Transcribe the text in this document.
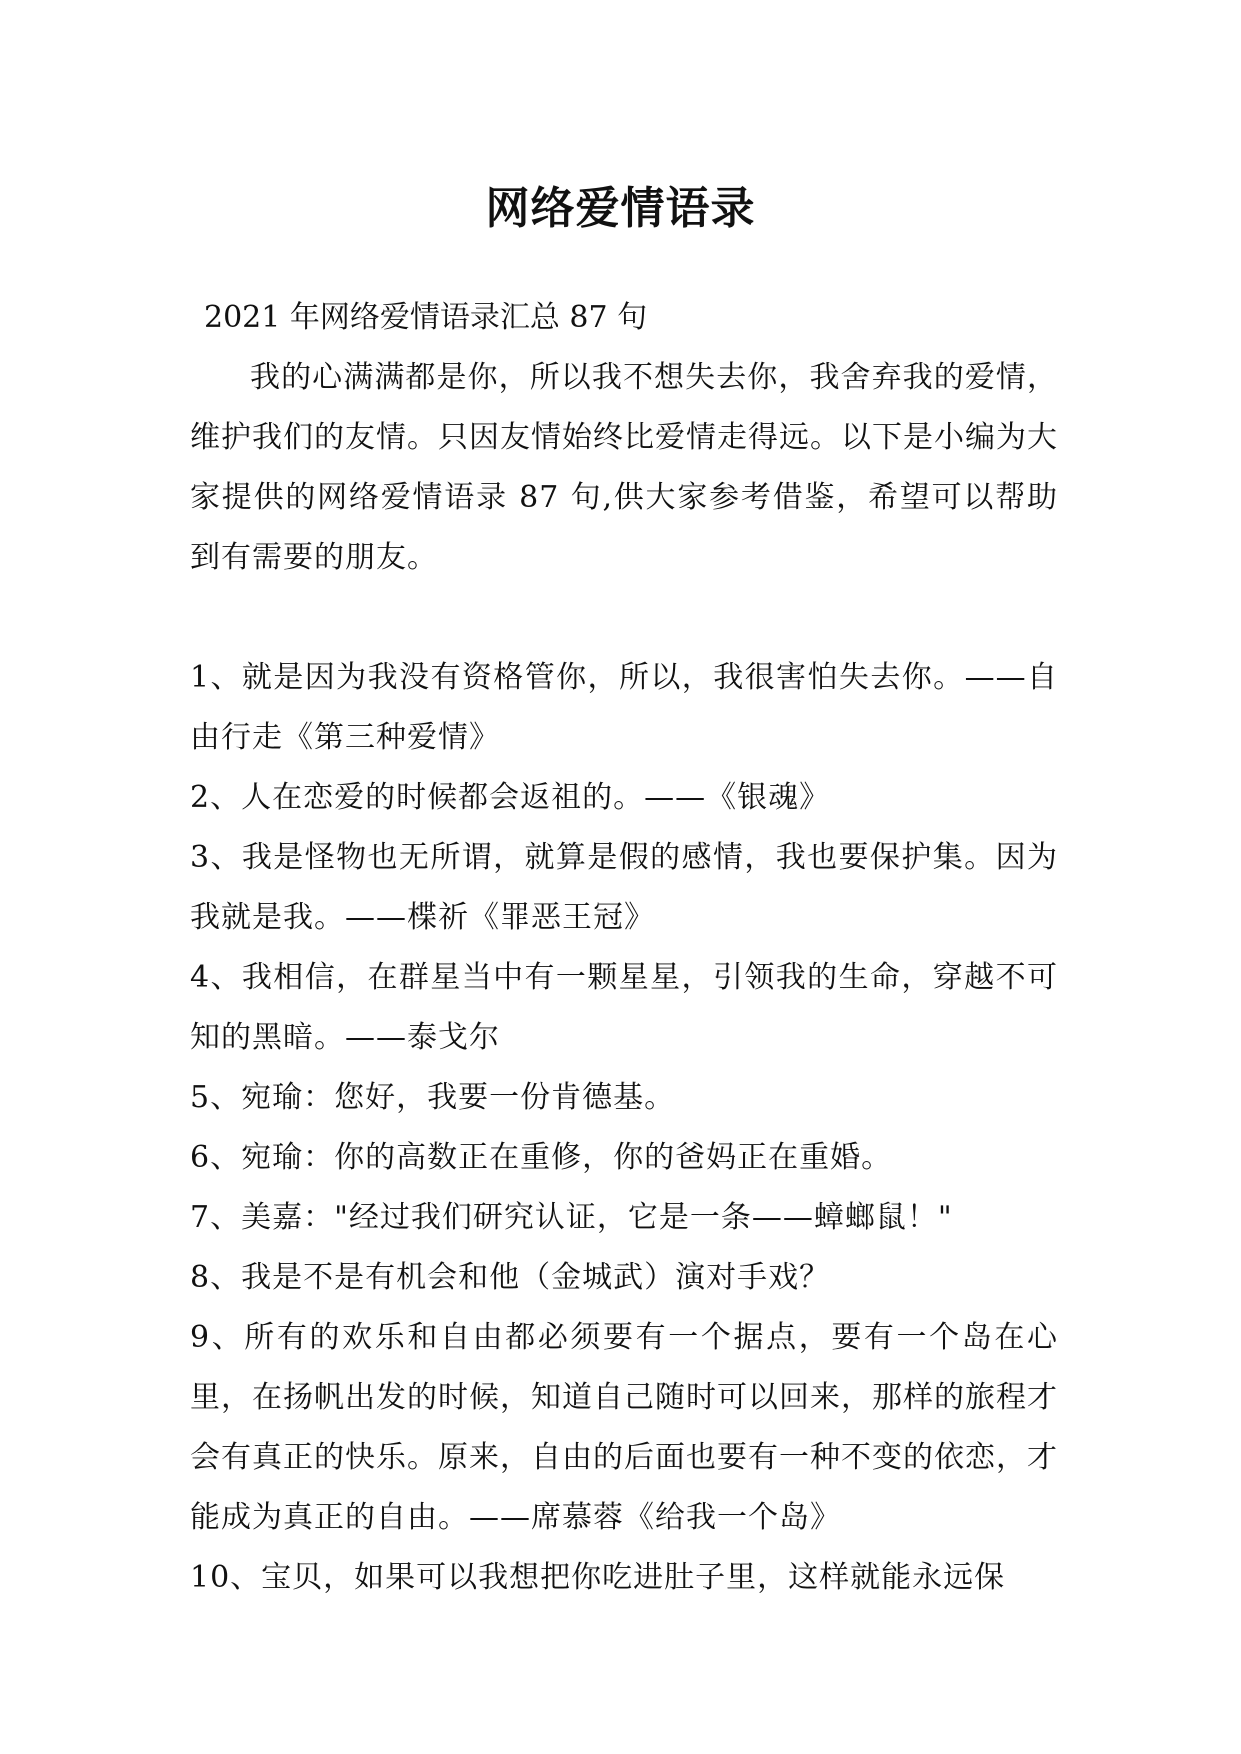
网络爱情语录

2021 年网络爱情语录汇总 87 句

我的心满满都是你，所以我不想失去你，我舍弃我的爱情，维护我们的友情。只因友情始终比爱情走得远。以下是小编为大家提供的网络爱情语录 87 句,供大家参考借鉴，希望可以帮助到有需要的朋友。

1、就是因为我没有资格管你，所以，我很害怕失去你。——自由行走《第三种爱情》
2、人在恋爱的时候都会返祖的。——《银魂》
3、我是怪物也无所谓，就算是假的感情，我也要保护集。因为我就是我。——楪祈《罪恶王冠》
4、我相信，在群星当中有一颗星星，引领我的生命，穿越不可知的黑暗。——泰戈尔
5、宛瑜：您好，我要一份肯德基。
6、宛瑜：你的高数正在重修，你的爸妈正在重婚。
7、美嘉："经过我们研究认证，它是一条——蟑螂鼠！"
8、我是不是有机会和他（金城武）演对手戏？
9、所有的欢乐和自由都必须要有一个据点，要有一个岛在心里，在扬帆出发的时候，知道自己随时可以回来，那样的旅程才会有真正的快乐。原来，自由的后面也要有一种不变的依恋，才能成为真正的自由。——席慕蓉《给我一个岛》
10、宝贝，如果可以我想把你吃进肚子里，这样就能永远保
